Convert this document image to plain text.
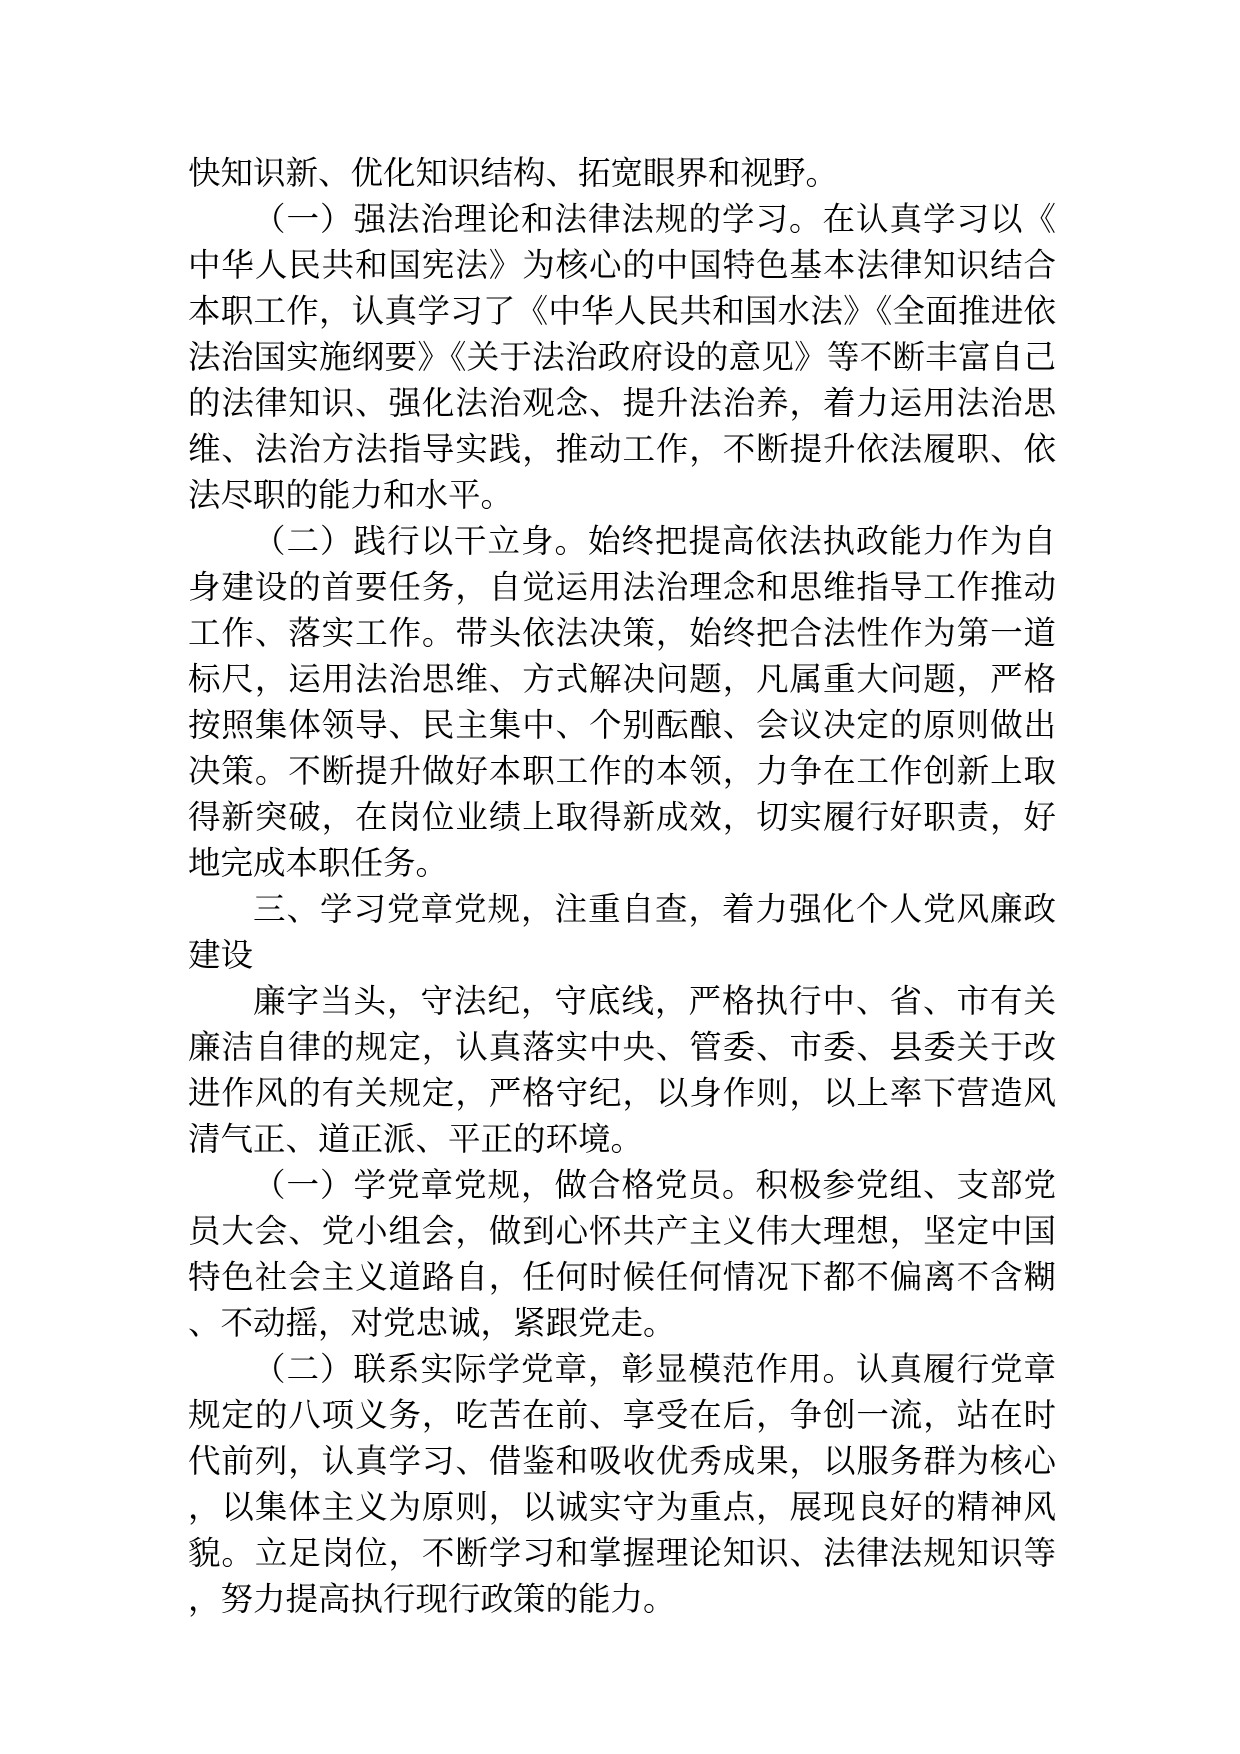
快知识新、优化知识结构、拓宽眼界和视野。

（一）强法治理论和法律法规的学习。在认真学习以《中华人民共和国宪法》为核心的中国特色基本法律知识结合本职工作，认真学习了《中华人民共和国水法》《全面推进依法治国实施纲要》《关于法治政府设的意见》等不断丰富自己的法律知识、强化法治观念、提升法治养，着力运用法治思维、法治方法指导实践，推动工作，不断提升依法履职、依法尽职的能力和水平。

（二）践行以干立身。始终把提高依法执政能力作为自身建设的首要任务，自觉运用法治理念和思维指导工作推动工作、落实工作。带头依法决策，始终把合法性作为第一道标尺，运用法治思维、方式解决问题，凡属重大问题，严格按照集体领导、民主集中、个别酝酿、会议决定的原则做出决策。不断提升做好本职工作的本领，力争在工作创新上取得新突破，在岗位业绩上取得新成效，切实履行好职责，好地完成本职任务。

三、学习党章党规，注重自查，着力强化个人党风廉政建设

廉字当头，守法纪，守底线，严格执行中、省、市有关廉洁自律的规定，认真落实中央、管委、市委、县委关于改进作风的有关规定，严格守纪，以身作则，以上率下营造风清气正、道正派、平正的环境。

（一）学党章党规，做合格党员。积极参党组、支部党员大会、党小组会，做到心怀共产主义伟大理想，坚定中国特色社会主义道路自，任何时候任何情况下都不偏离不含糊、不动摇，对党忠诚，紧跟党走。

（二）联系实际学党章，彰显模范作用。认真履行党章规定的八项义务，吃苦在前、享受在后，争创一流，站在时代前列，认真学习、借鉴和吸收优秀成果，以服务群为核心，以集体主义为原则，以诚实守为重点，展现良好的精神风貌。立足岗位，不断学习和掌握理论知识、法律法规知识等，努力提高执行现行政策的能力。
